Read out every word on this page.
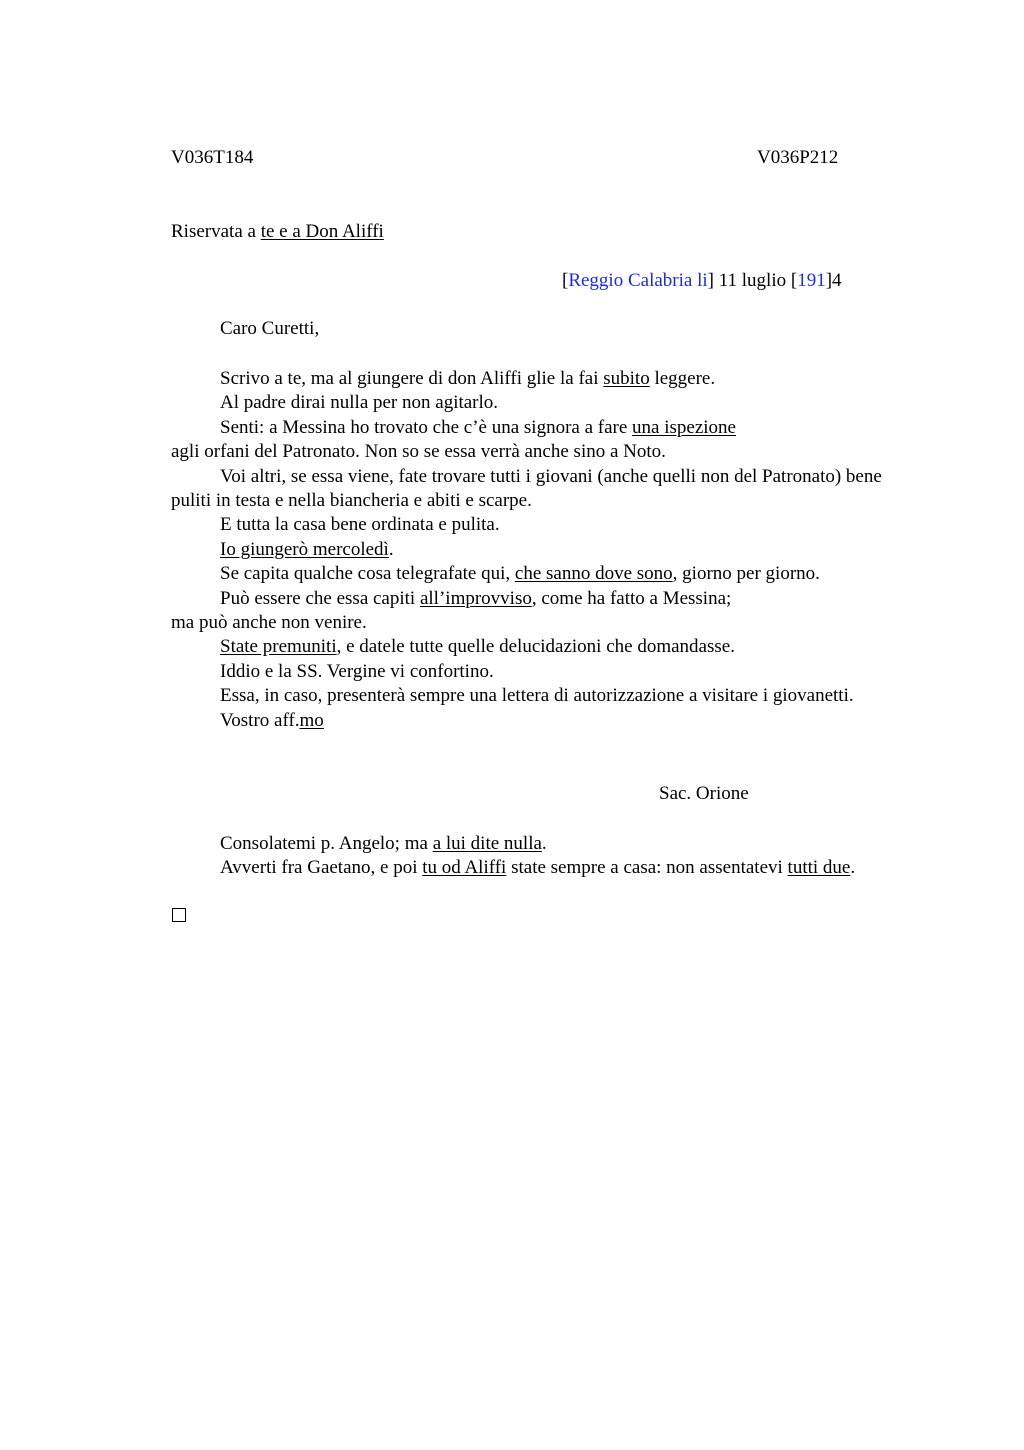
V036T184	V036P212
Riservata a te e a Don Aliffi
[Reggio Calabria li] 11 luglio [191]4
Caro Curetti,

Scrivo a te, ma al giungere di don Aliffi glie la fai subito leggere.

Al padre dirai nulla per non agitarlo.

Senti: a Messina ho trovato che c’è una signora a fare una ispezione

agli orfani del Patronato. Non so se essa verrà anche sino a Noto.

Voi altri, se essa viene, fate trovare tutti i giovani (anche quelli non del Patronato) bene puliti in testa e nella biancheria e abiti e scarpe.

E tutta la casa bene ordinata e pulita.

Io giungerò mercoledì.

Se capita qualche cosa telegrafate qui, che sanno dove sono, giorno per giorno.

Può essere che essa capiti all’improvviso, come ha fatto a Messina;

ma può anche non venire.

State premuniti, e datele tutte quelle delucidazioni che domandasse.

Iddio e la SS. Vergine vi confortino.

Essa, in caso, presenterà sempre una lettera di autorizzazione a visitare i giovanetti.

Vostro aff.mo

Sac. Orione

Consolatemi p. Angelo; ma a lui dite nulla.

Avverti fra Gaetano, e poi tu od Aliffi state sempre a casa: non assentatevi tutti due.
